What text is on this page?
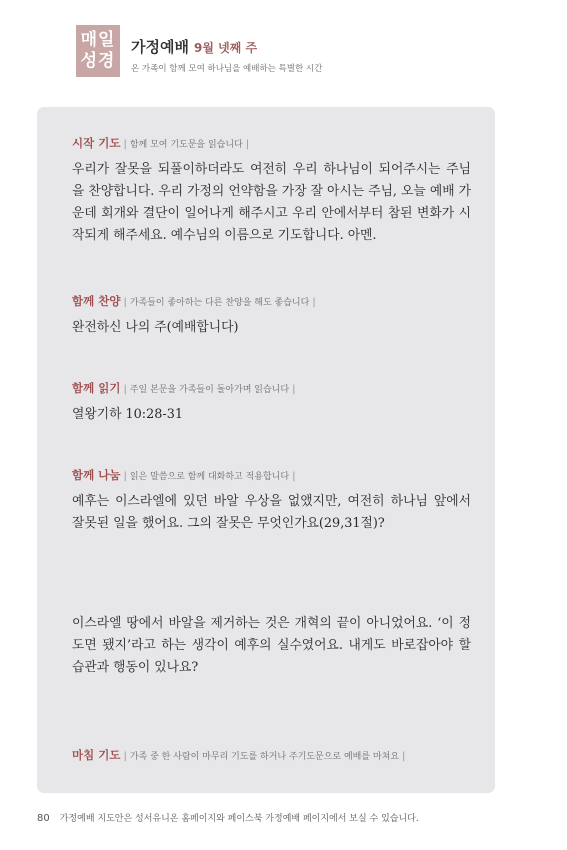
매일
성경
가정예배 9월 넷째 주
온 가족이 함께 모여 하나님을 예배하는 특별한 시간
시작 기도 | 함께 모여 기도문을 읽습니다 |
우리가 잘못을 되풀이하더라도 여전히 우리 하나님이 되어주시는 주님을 찬양합니다. 우리 가정의 언약함을 가장 잘 아시는 주님, 오늘 예배 가운데 회개와 결단이 일어나게 해주시고 우리 안에서부터 참된 변화가 시작되게 해주세요. 예수님의 이름으로 기도합니다. 아멘.
함께 찬양 | 가족들이 좋아하는 다른 찬양을 해도 좋습니다 |
완전하신 나의 주(예배합니다)
함께 읽기 | 주일 본문을 가족들이 돌아가며 읽습니다 |
열왕기하 10:28-31
함께 나눔 | 읽은 말씀으로 함께 대화하고 적용합니다 |
예후는 이스라엘에 있던 바알 우상을 없앴지만, 여전히 하나님 앞에서 잘못된 일을 했어요. 그의 잘못은 무엇인가요(29,31절)?
이스라엘 땅에서 바알을 제거하는 것은 개혁의 끝이 아니었어요. ‘이 정도면 됐지’라고 하는 생각이 예후의 실수였어요. 내게도 바로잡아야 할 습관과 행동이 있나요?
마침 기도 | 가족 중 한 사람이 마무리 기도를 하거나 주기도문으로 예배를 마쳐요 |
80 가정예배 지도안은 성서유니온 홈페이지와 페이스북 가정예배 페이지에서 보실 수 있습니다.
